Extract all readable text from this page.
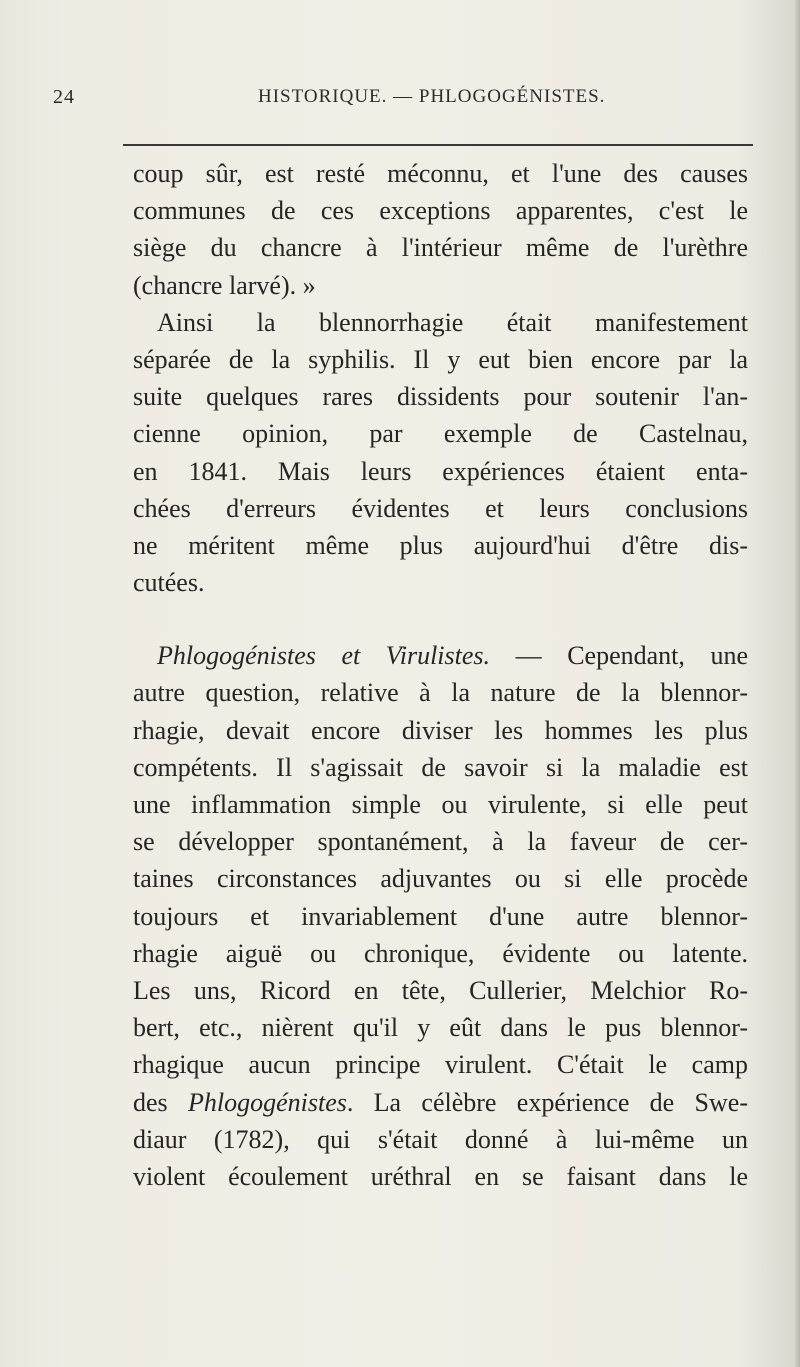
24	HISTORIQUE. — PHLOGOGÉNISTES.
coup sûr, est resté méconnu, et l'une des causes
communes de ces exceptions apparentes, c'est le
siège du chancre à l'intérieur même de l'urèthre
(chancre larvé). »
Ainsi la blennorrhagie était manifestement
séparée de la syphilis. Il y eut bien encore par la
suite quelques rares dissidents pour soutenir l'an-
cienne opinion, par exemple de Castelnau,
en 1841. Mais leurs expériences étaient enta-
chées d'erreurs évidentes et leurs conclusions
ne méritent même plus aujourd'hui d'être dis-
cutées.
Phlogogénistes et Virulistes. — Cependant, une
autre question, relative à la nature de la blennor-
rhagie, devait encore diviser les hommes les plus
compétents. Il s'agissait de savoir si la maladie est
une inflammation simple ou virulente, si elle peut
se développer spontanément, à la faveur de cer-
taines circonstances adjuvantes ou si elle procède
toujours et invariablement d'une autre blennor-
rhagie aiguë ou chronique, évidente ou latente.
Les uns, Ricord en tête, Cullerier, Melchior Ro-
bert, etc., nièrent qu'il y eût dans le pus blennor-
rhagique aucun principe virulent. C'était le camp
des Phlogogénistes. La célèbre expérience de Swe-
diaur (1782), qui s'était donné à lui-même un
violent écoulement uréthral en se faisant dans le
